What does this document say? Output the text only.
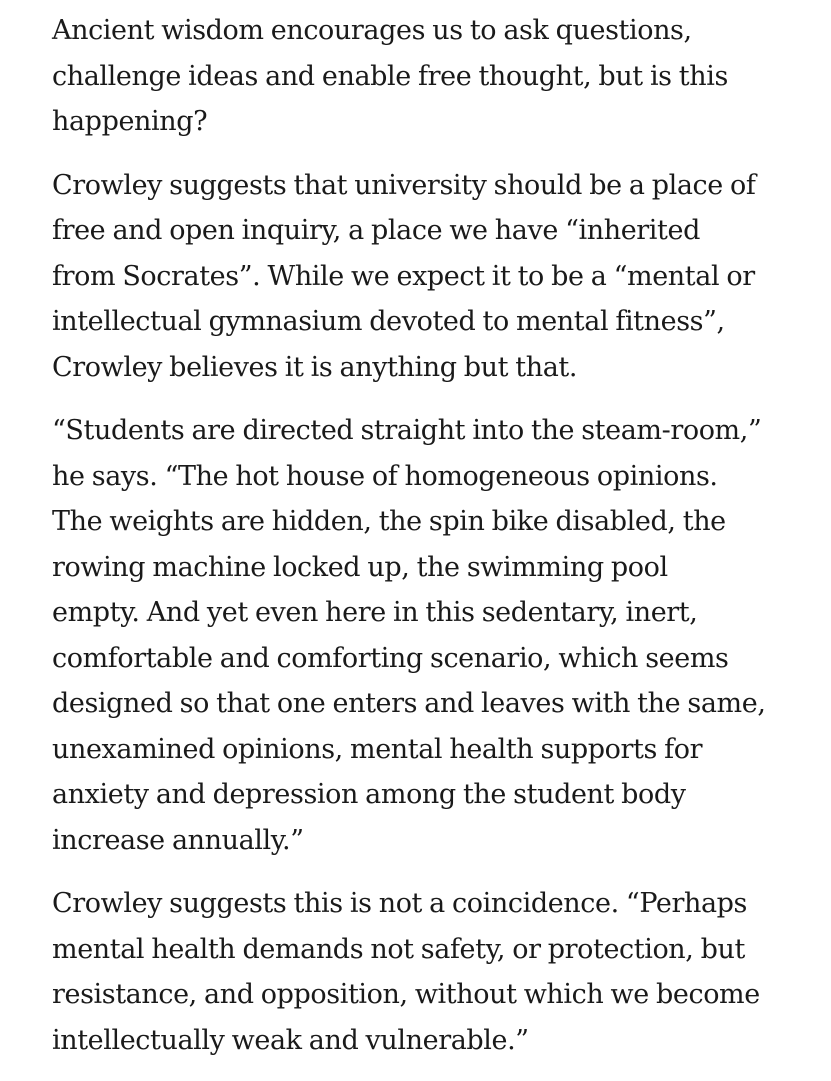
Ancient wisdom encourages us to ask questions,
challenge ideas and enable free thought, but is this
happening?
Crowley suggests that university should be a place of
free and open inquiry, a place we have “inherited
from Socrates”. While we expect it to be a “mental or
intellectual gymnasium devoted to mental fitness”,
Crowley believes it is anything but that.
“Students are directed straight into the steam-room,”
he says. “The hot house of homogeneous opinions.
The weights are hidden, the spin bike disabled, the
rowing machine locked up, the swimming pool
empty. And yet even here in this sedentary, inert,
comfortable and comforting scenario, which seems
designed so that one enters and leaves with the same,
unexamined opinions, mental health supports for
anxiety and depression among the student body
increase annually.”
Crowley suggests this is not a coincidence. “Perhaps
mental health demands not safety, or protection, but
resistance, and opposition, without which we become
intellectually weak and vulnerable.”
